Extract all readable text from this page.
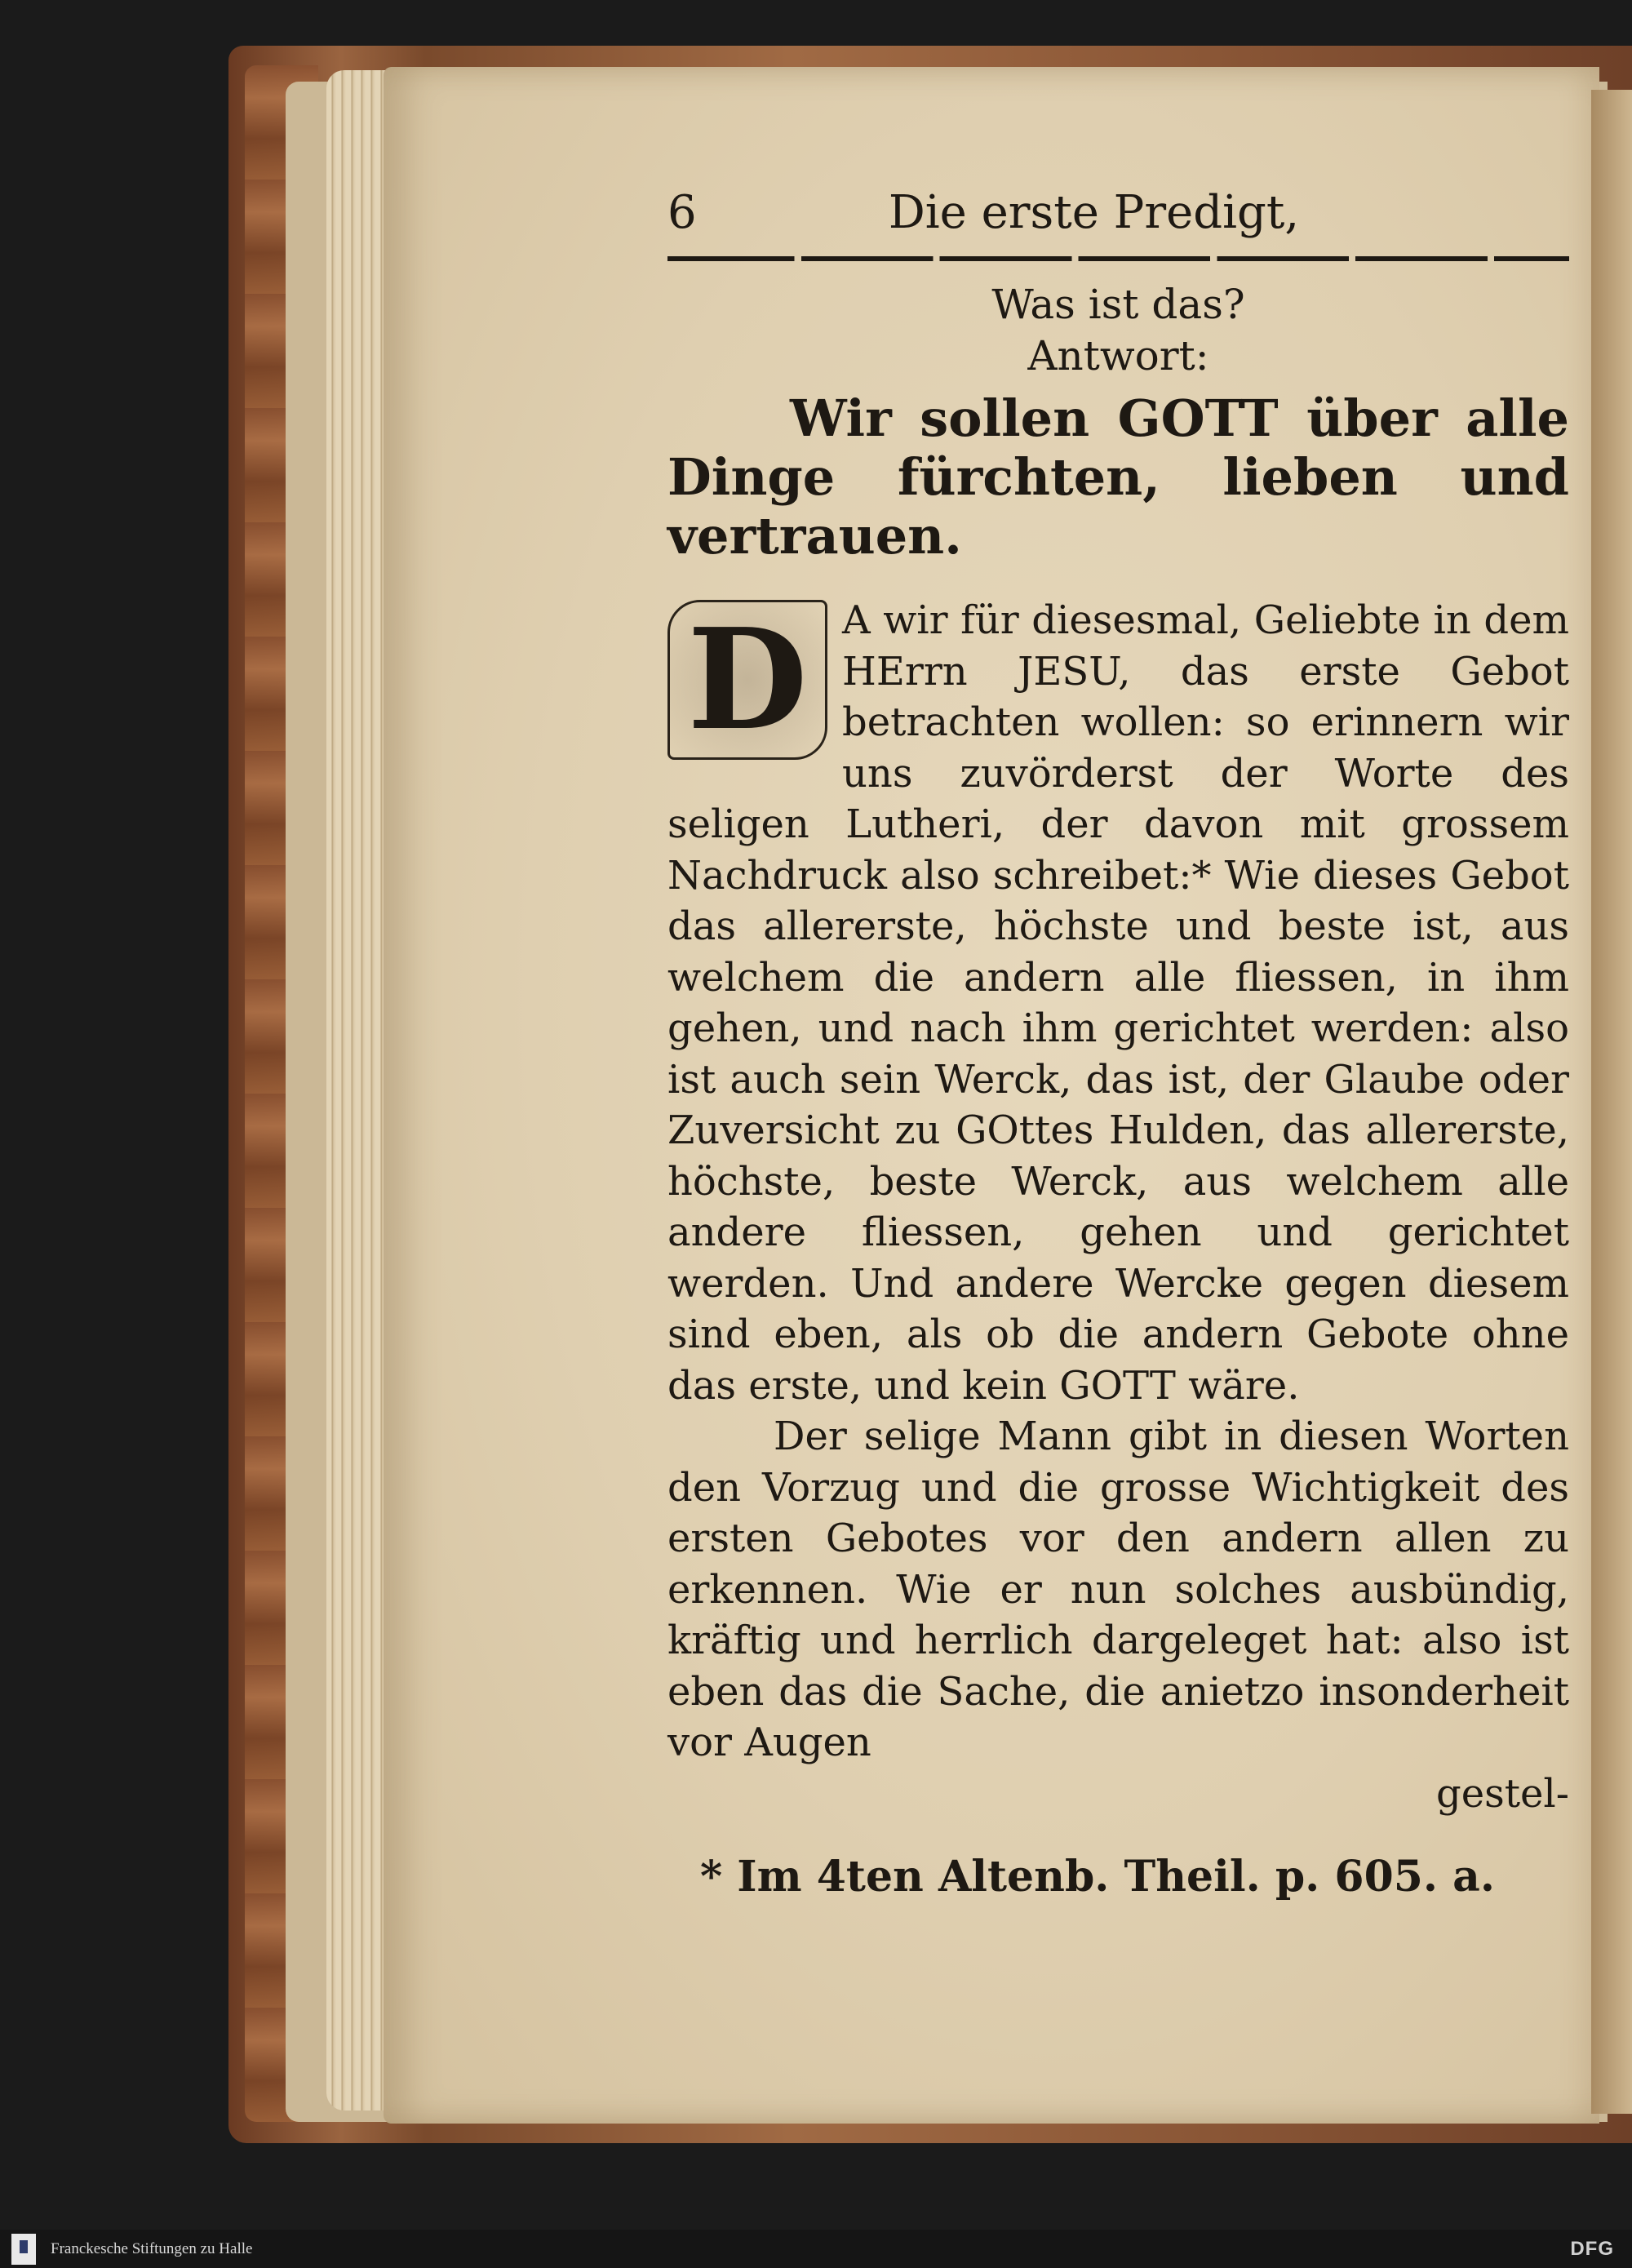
6	Die erste Predigt,
Was ist das?
Antwort:

Wir sollen GOTT über alle Dinge fürchten, lieben und vertrauen.

D A wir für diesesmal, Geliebte in dem HErrn JESU, das erste Gebot betrachten wollen: so erinnern wir uns zuvörderst der Worte des seligen Lutheri, der davon mit grossem Nachdruck also schreibet:* Wie dieses Gebot das allererste, höchste und beste ist, aus welchem die andern alle fliessen, in ihm gehen, und nach ihm gerichtet werden: also ist auch sein Werck, das ist, der Glaube oder Zuversicht zu GOttes Hulden, das allererste, höchste, beste Werck, aus welchem alle andere fliessen, gehen und gerichtet werden. Und andere Wercke gegen diesem sind eben, als ob die andern Gebote ohne das erste, und kein GOTT wäre.

Der selige Mann gibt in diesen Worten den Vorzug und die grosse Wichtigkeit des ersten Gebotes vor den andern allen zu erkennen. Wie er nun solches ausbündig, kräftig und herrlich dargeleget hat: also ist eben das die Sache, die anietzo insonderheit vor Augen

gestel-
* Im 4ten Altenb. Theil. p. 605. a.
Franckesche Stiftungen zu Halle	DFG
